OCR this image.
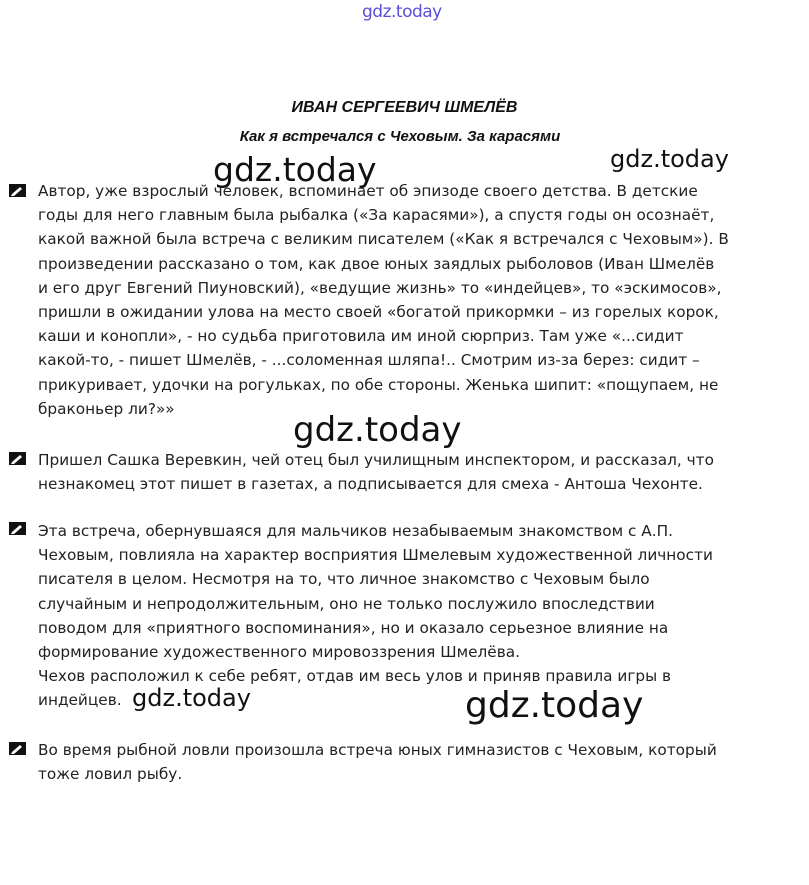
gdz.today
ИВАН СЕРГЕЕВИЧ ШМЕЛЁВ
Как я встречался с Чеховым. За карасями

Автор, уже взрослый человек, вспоминает об эпизоде своего детства. В детские
годы для него главным была рыбалка («За карасями»), а спустя годы он осознаёт,
какой важной была встреча с великим писателем («Как я встречался с Чеховым»). В
произведении рассказано о том, как двое юных заядлых рыболовов (Иван Шмелёв
и его друг Евгений Пиуновский), «ведущие жизнь» то «индейцев», то «эскимосов»,
пришли в ожидании улова на место своей «богатой прикормки – из горелых корок,
каши и конопли», - но судьба приготовила им иной сюрприз. Там уже «...сидит
какой-то, - пишет Шмелёв, - ...соломенная шляпа!.. Смотрим из-за берез: сидит –
прикуривает, удочки на рогульках, по обе стороны. Женька шипит: «пощупаем, не
браконьер ли?»»

Пришел Сашка Веревкин, чей отец был училищным инспектором, и рассказал, что
незнакомец этот пишет в газетах, а подписывается для смеха - Антоша Чехонте.

Эта встреча, обернувшаяся для мальчиков незабываемым знакомством с А.П.
Чеховым, повлияла на характер восприятия Шмелевым художественной личности
писателя в целом. Несмотря на то, что личное знакомство с Чеховым было
случайным и непродолжительным, оно не только послужило впоследствии
поводом для «приятного воспоминания», но и оказало серьезное влияние на
формирование художественного мировоззрения Шмелёва.
Чехов расположил к себе ребят, отдав им весь улов и приняв правила игры в
индейцев.

Во время рыбной ловли произошла встреча юных гимназистов с Чеховым, который
тоже ловил рыбу.

gdz.today	gdz.today
gdz.today
gdz.today	gdz.today
